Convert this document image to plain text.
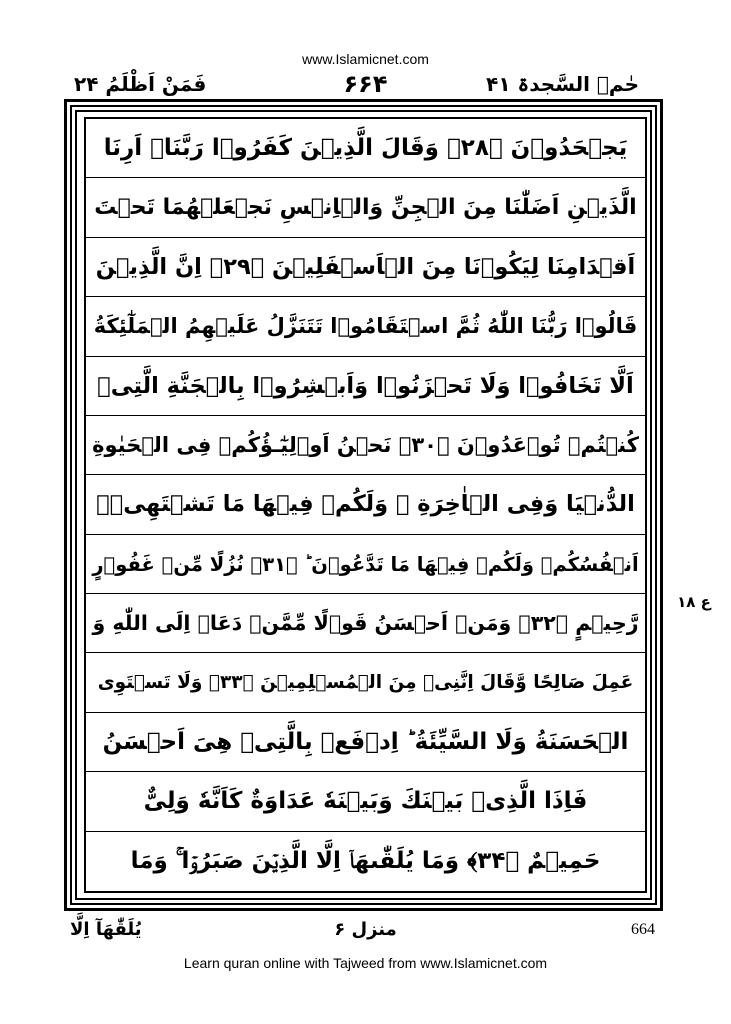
www.Islamicnet.com
حٰمۤ السَّجدۃ ۴۱
۶۶۴
فَمَنْ اَظْلَمُ ۲۴
يَجۡحَدُوۡنَ ﴿۲۸﴾ وَقَالَ الَّذِيۡنَ كَفَرُوۡا رَبَّنَاۤ اَرِنَا
الَّذَيۡنِ اَضَلّٰنَا مِنَ الۡجِنِّ وَالۡاِنۡسِ نَجۡعَلۡهُمَا تَحۡتَ
اَقۡدَامِنَا لِيَكُوۡنَا مِنَ الۡاَسۡفَلِيۡنَ ﴿۲۹﴾ اِنَّ الَّذِيۡنَ
قَالُوۡا رَبُّنَا اللّٰهُ ثُمَّ اسۡتَقَامُوۡا تَتَنَزَّلُ عَلَيۡهِمُ الۡمَلٰٓئِكَةُ
اَلَّا تَخَافُوۡا وَلَا تَحۡزَنُوۡا وَاَبۡشِرُوۡا بِالۡجَنَّةِ الَّتِىۡ
كُنۡتُمۡ تُوۡعَدُوۡنَ ﴿۳۰﴾ نَحۡنُ اَوۡلِيٰٓـؤُكُمۡ فِى الۡحَيٰوةِ
الدُّنۡيَا وَفِى الۡاٰخِرَةِ ۚ وَلَكُمۡ فِيۡهَا مَا تَشۡتَهِىۡۤ
اَنۡفُسُكُمۡ وَلَكُمۡ فِيۡهَا مَا تَدَّعُوۡنَ ؕ ﴿۳۱﴾ نُزُلًا مِّنۡ غَفُوۡرٍ
رَّحِيۡمٍ ﴿۳۲﴾ وَمَنۡ اَحۡسَنُ قَوۡلًا مِّمَّنۡ دَعَاۤ اِلَى اللّٰهِ وَ
عَمِلَ صَالِحًا وَّقَالَ اِنَّنِىۡ مِنَ الۡمُسۡلِمِيۡنَ ﴿۳۳﴾ وَلَا تَسۡتَوِى
الۡحَسَنَةُ وَلَا السَّيِّئَةُ ؕ اِدۡفَعۡ بِالَّتِىۡ هِىَ اَحۡسَنُ
فَاِذَا الَّذِىۡ بَيۡنَكَ وَبَيۡنَهٗ عَدَاوَةٌ كَاَنَّهٗ وَلِىٌّ
حَمِيۡمٌ ﴿۳۴﴾ وَمَا يُلَقّٰٮهَاۤ اِلَّا الَّذِيۡنَ صَبَرُوۡا ۚ وَمَا
ع ۱۸
664
منزل ۶
يُلَقّٰهَآ اِلَّا
Learn quran online with Tajweed from www.Islamicnet.com
